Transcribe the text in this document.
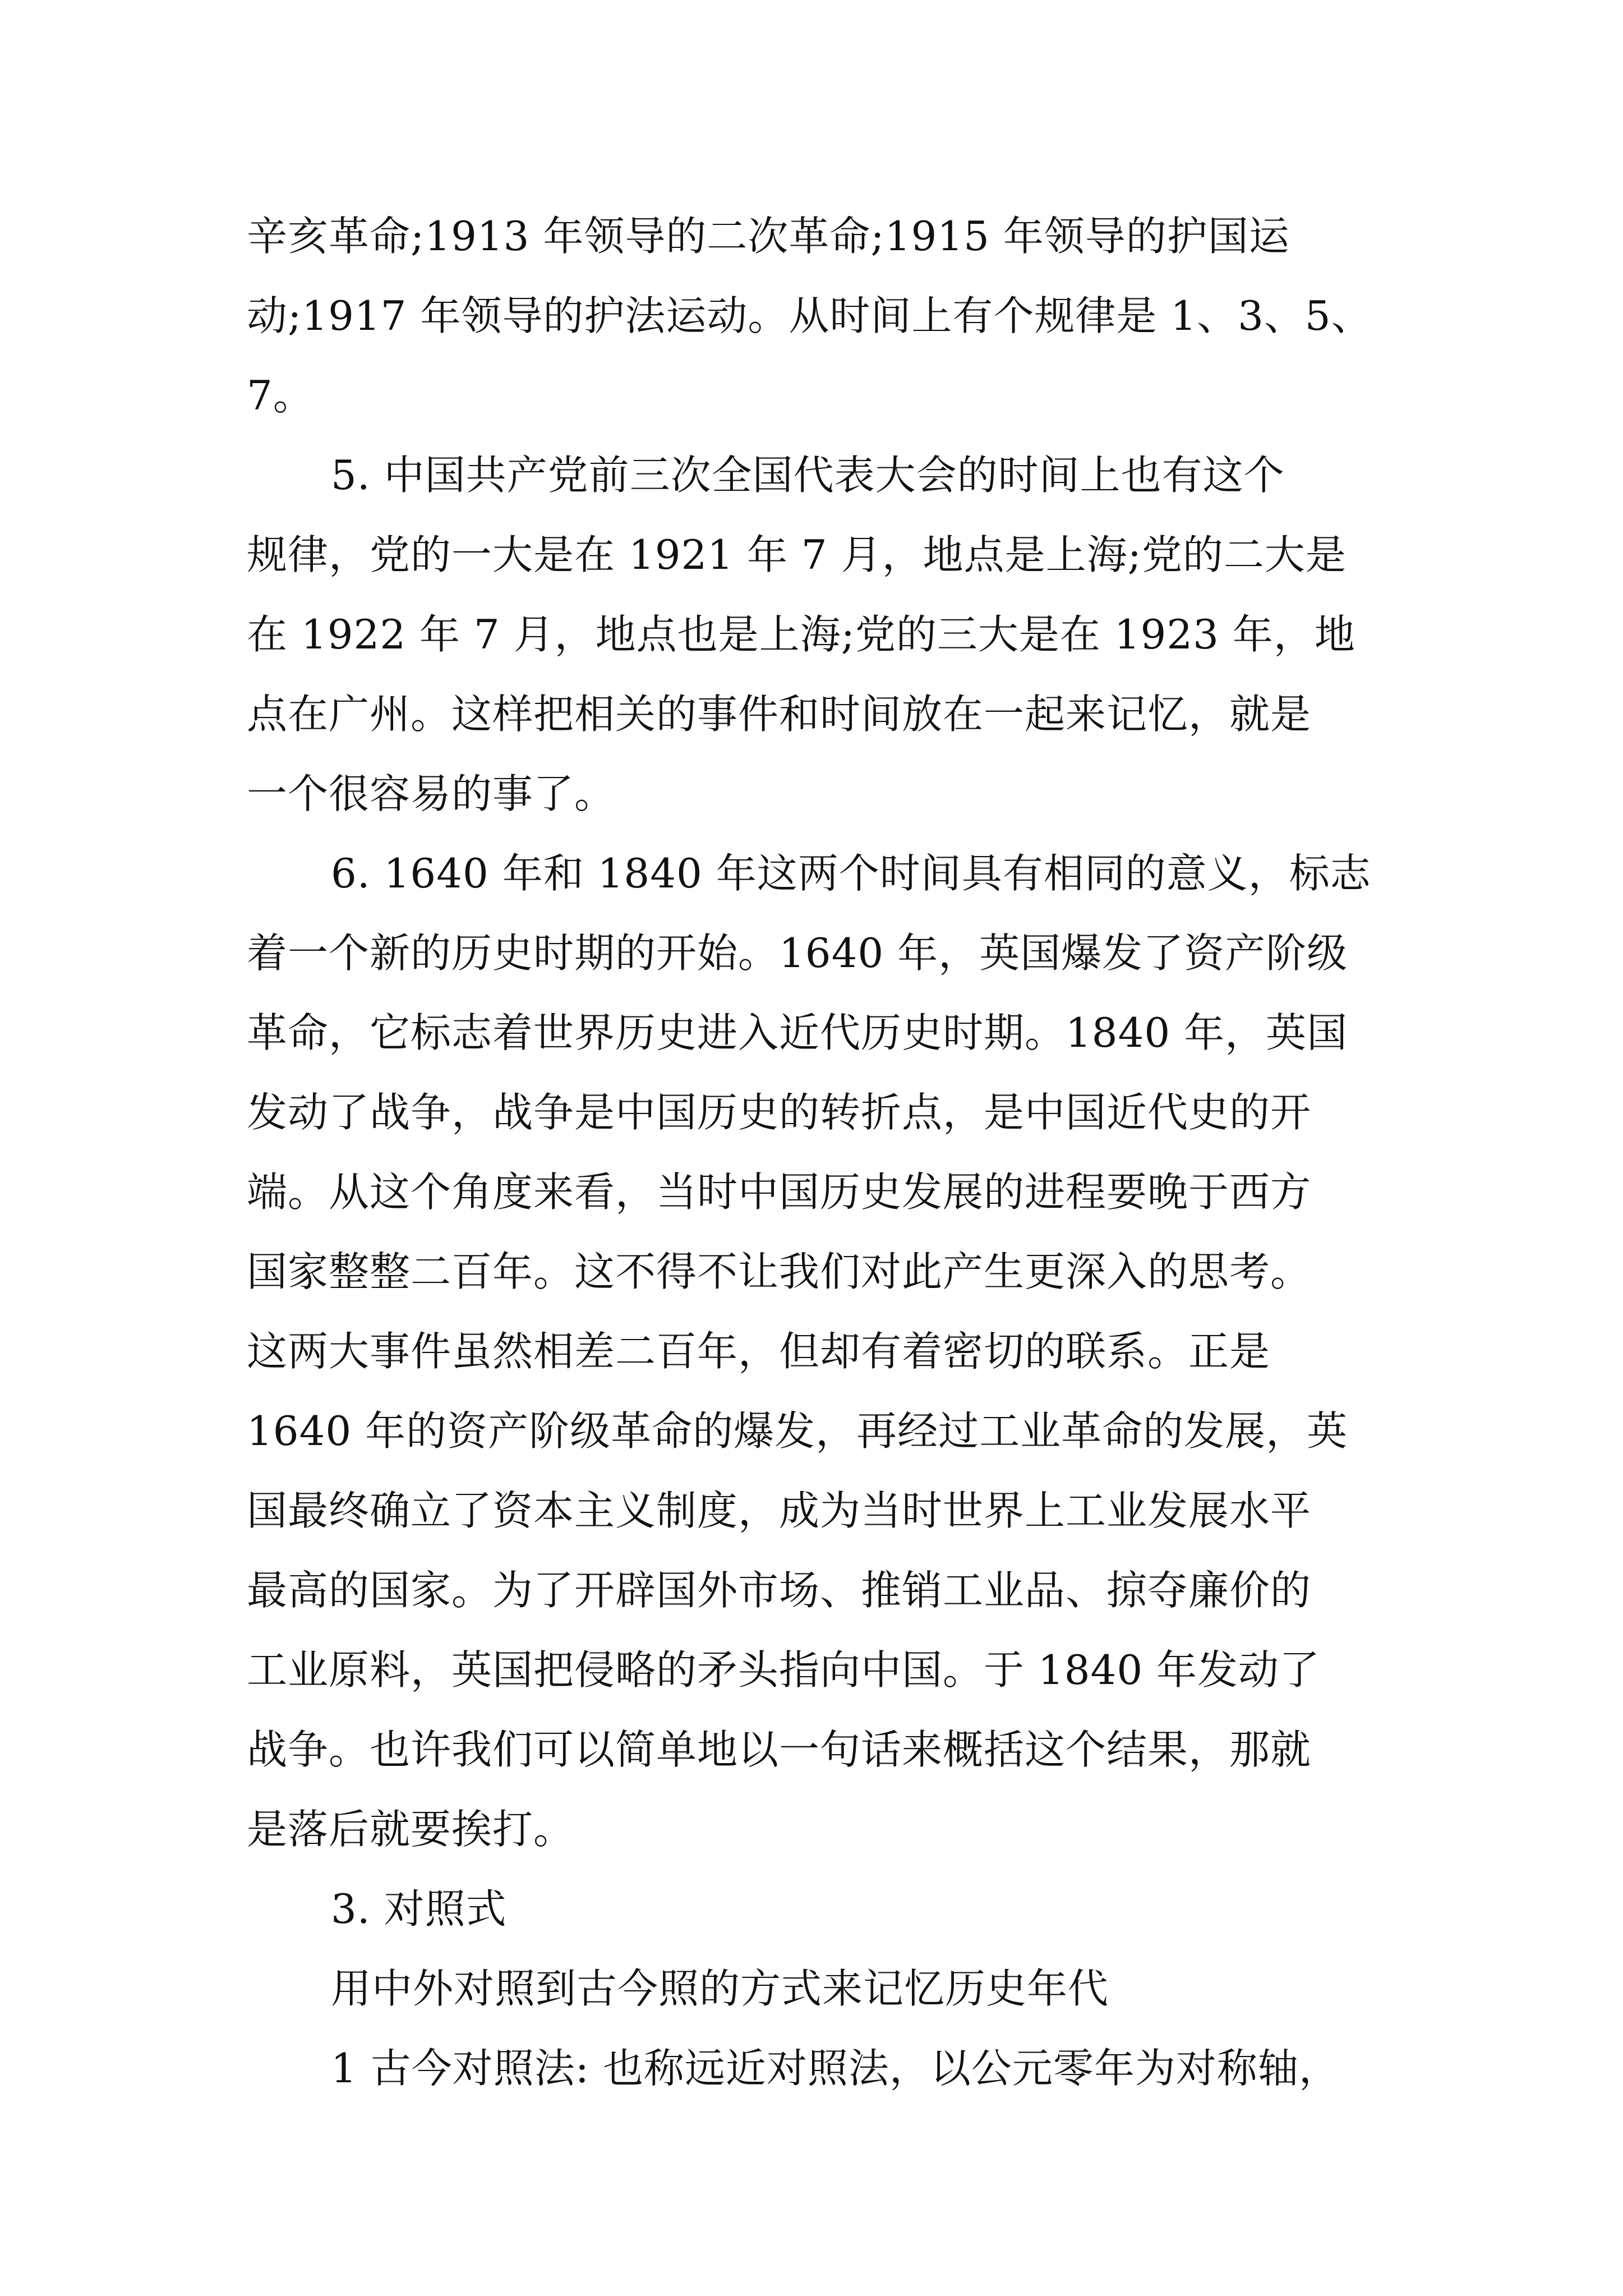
辛亥革命;1913 年领导的二次革命;1915 年领导的护国运
动;1917 年领导的护法运动。从时间上有个规律是 1、3、5、
7。
5. 中国共产党前三次全国代表大会的时间上也有这个
规律，党的一大是在 1921 年 7 月，地点是上海;党的二大是
在 1922 年 7 月，地点也是上海;党的三大是在 1923 年，地
点在广州。这样把相关的事件和时间放在一起来记忆，就是
一个很容易的事了。
6. 1640 年和 1840 年这两个时间具有相同的意义，标志
着一个新的历史时期的开始。1640 年，英国爆发了资产阶级
革命，它标志着世界历史进入近代历史时期。1840 年，英国
发动了战争，战争是中国历史的转折点，是中国近代史的开
端。从这个角度来看，当时中国历史发展的进程要晚于西方
国家整整二百年。这不得不让我们对此产生更深入的思考。
这两大事件虽然相差二百年，但却有着密切的联系。正是
1640 年的资产阶级革命的爆发，再经过工业革命的发展，英
国最终确立了资本主义制度，成为当时世界上工业发展水平
最高的国家。为了开辟国外市场、推销工业品、掠夺廉价的
工业原料，英国把侵略的矛头指向中国。于 1840 年发动了
战争。也许我们可以简单地以一句话来概括这个结果，那就
是落后就要挨打。
3. 对照式
用中外对照到古今照的方式来记忆历史年代
1 古今对照法: 也称远近对照法，以公元零年为对称轴，
